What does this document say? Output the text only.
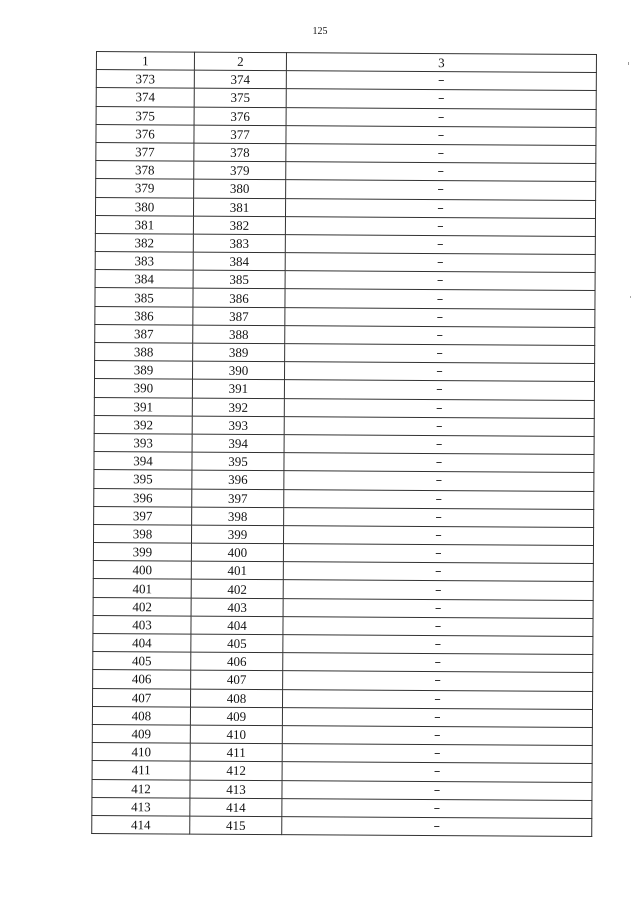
125
1	2	3
373	374	–
374	375	–
375	376	–
376	377	–
377	378	–
378	379	–
379	380	–
380	381	–
381	382	–
382	383	–
383	384	–
384	385	–
385	386	–
386	387	–
387	388	–
388	389	–
389	390	–
390	391	–
391	392	–
392	393	–
393	394	–
394	395	–
395	396	–
396	397	–
397	398	–
398	399	–
399	400	–
400	401	–
401	402	–
402	403	–
403	404	–
404	405	–
405	406	–
406	407	–
407	408	–
408	409	–
409	410	–
410	411	–
411	412	–
412	413	–
413	414	–
414	415	–
